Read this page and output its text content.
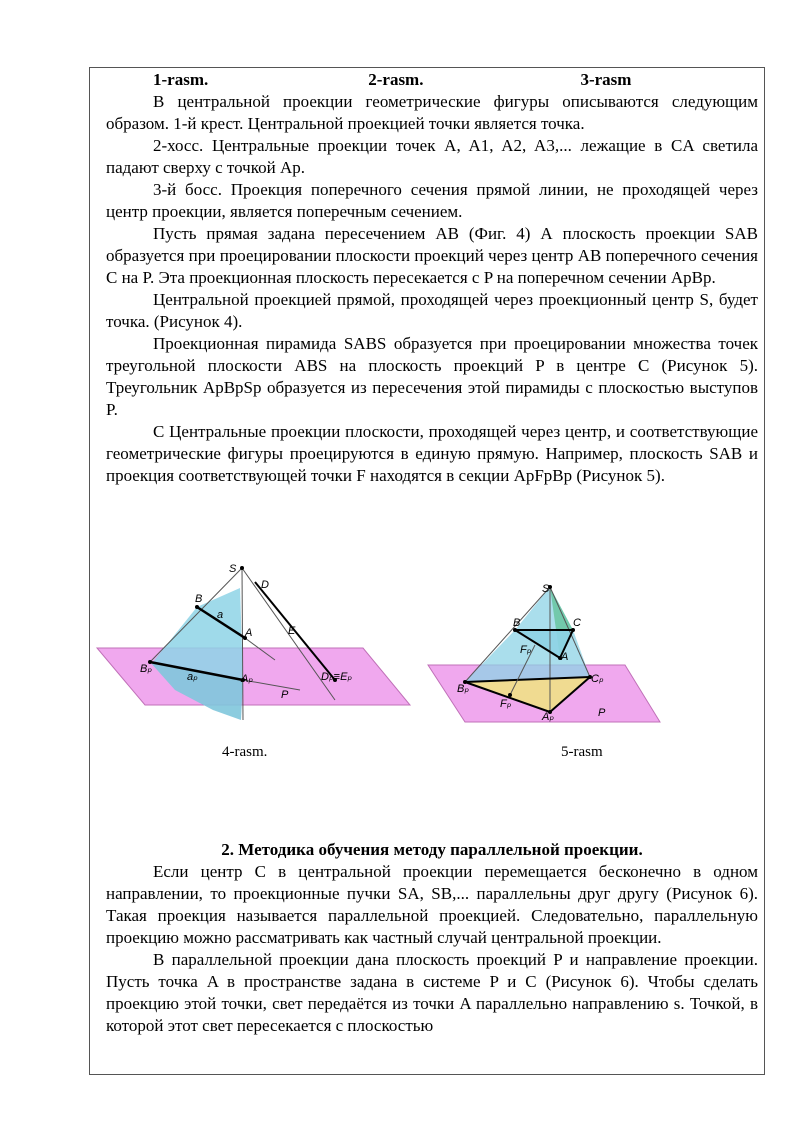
1-rasm.	2-rasm.	3-rasm

В центральной проекции геометрические фигуры описываются следующим образом. 1-й крест. Центральной проекцией точки является точка.

2-хосс. Центральные проекции точек A, A1, A2, A3,... лежащие в CA светила падают сверху с точкой Ap.

3-й босс. Проекция поперечного сечения прямой линии, не проходящей через центр проекции, является поперечным сечением.

Пусть прямая задана пересечением AB (Фиг. 4) А плоскость проекции SAB образуется при проецировании плоскости проекций через центр AB поперечного сечения C на P. Эта проекционная плоскость пересекается с P на поперечном сечении ApBp.

Центральной проекцией прямой, проходящей через проекционный центр S, будет точка. (Рисунок 4).

Проекционная пирамида SABS образуется при проецировании множества точек треугольной плоскости ABS на плоскость проекций P в центре C (Рисунок 5). Треугольник ApBpSp образуется из пересечения этой пирамиды с плоскостью выступов P.

C Центральные проекции плоскости, проходящей через центр, и соответствующие геометрические фигуры проецируются в единую прямую. Например, плоскость SAB и проекция соответствующей точки F находятся в секции ApFpBp (Рисунок 5).

S
D
B
a
A	E
Bₚ
aₚ	Aₚ	Dₚ≡Eₚ
P
S
B	C
Fₚ
A
Bₚ
Cₚ
Fₚ
Aₚ	P
4-rasm.	5-rasm
2. Методика обучения методу параллельной проекции.

Если центр C в центральной проекции перемещается бесконечно в одном направлении, то проекционные пучки SA, SB,... параллельны друг другу (Рисунок 6). Такая проекция называется параллельной проекцией. Следовательно, параллельную проекцию можно рассматривать как частный случай центральной проекции.

В параллельной проекции дана плоскость проекций P и направление проекции. Пусть точка A в пространстве задана в системе P и C (Рисунок 6). Чтобы сделать проекцию этой точки, свет передаётся из точки A параллельно направлению s. Точкой, в которой этот свет пересекается с плоскостью
